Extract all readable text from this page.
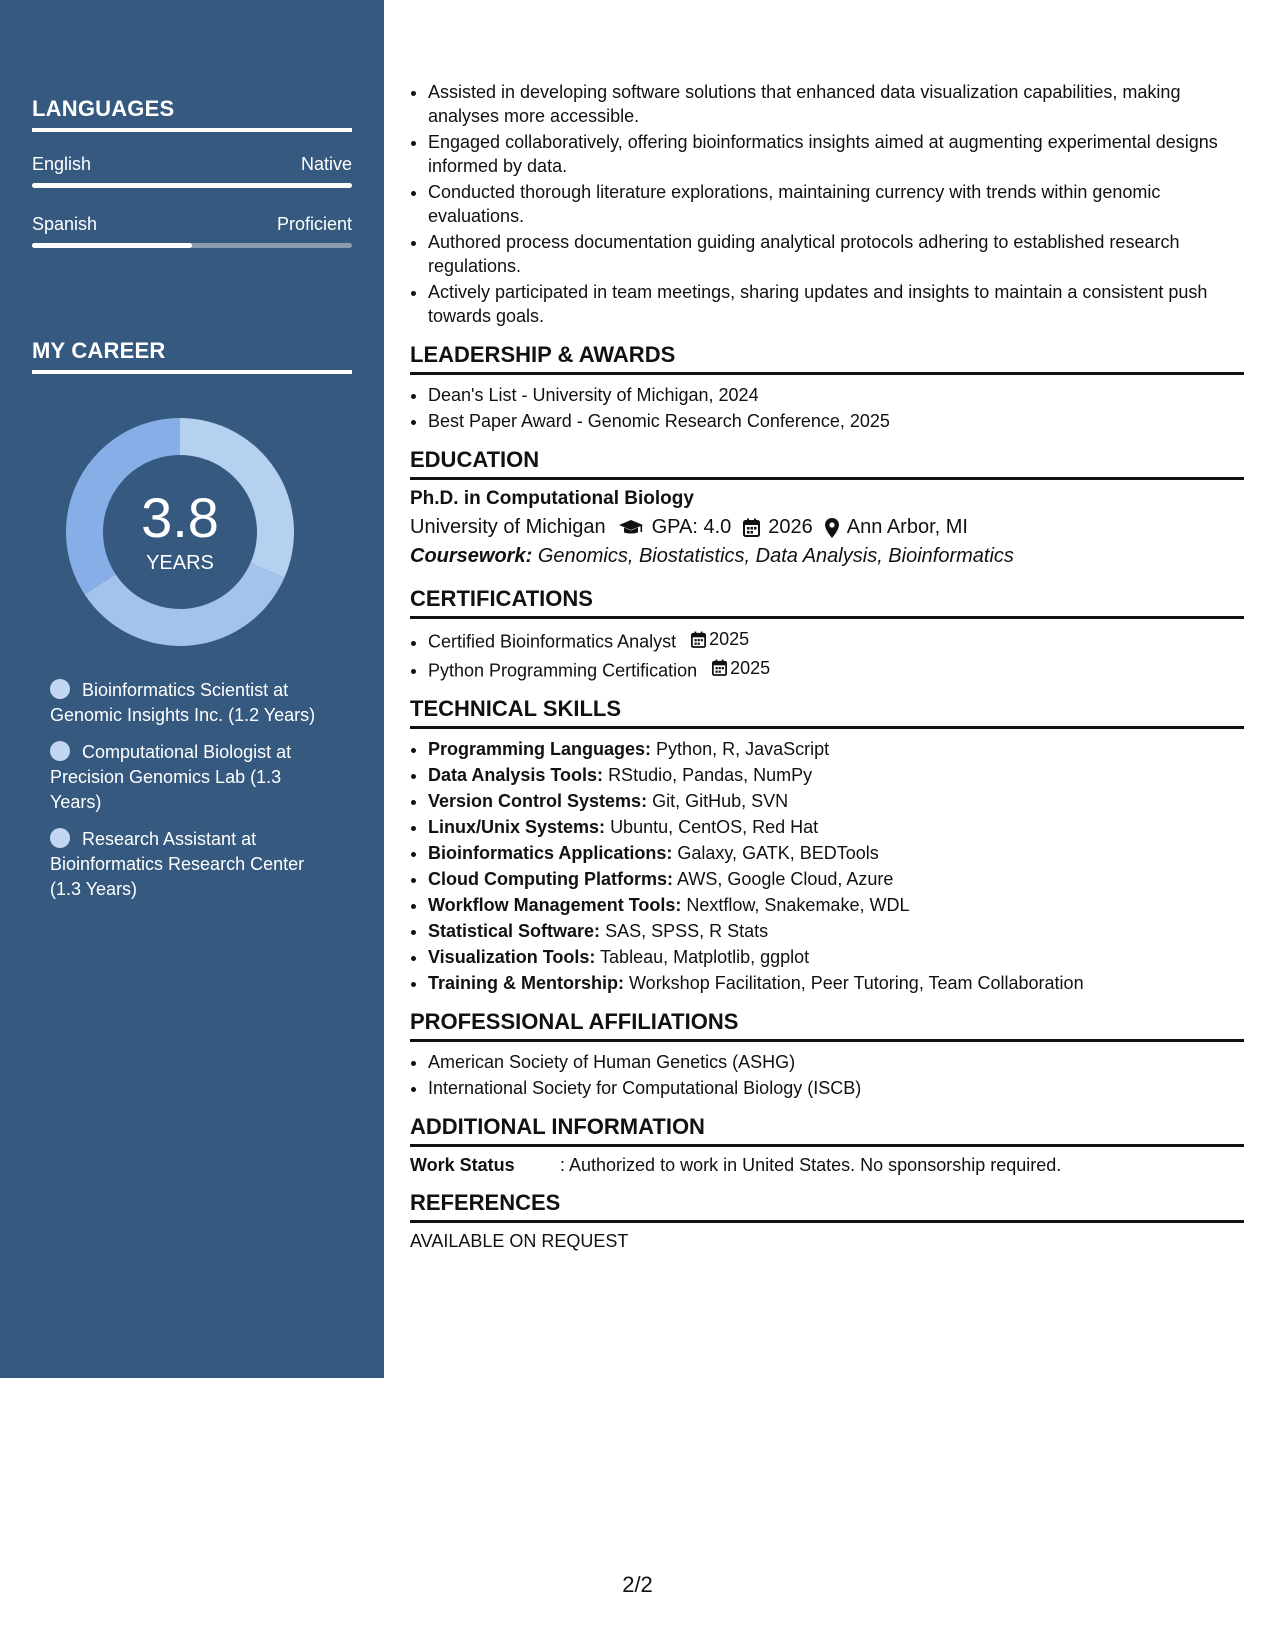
LANGUAGES
English	Native
Spanish	Proficient
MY CAREER
3.8
YEARS
Bioinformatics Scientist at Genomic Insights Inc. (1.2 Years)
Computational Biologist at Precision Genomics Lab (1.3 Years)
Research Assistant at Bioinformatics Research Center (1.3 Years)
• Assisted in developing software solutions that enhanced data visualization capabilities, making analyses more accessible.
• Engaged collaboratively, offering bioinformatics insights aimed at augmenting experimental designs informed by data.
• Conducted thorough literature explorations, maintaining currency with trends within genomic evaluations.
• Authored process documentation guiding analytical protocols adhering to established research regulations.
• Actively participated in team meetings, sharing updates and insights to maintain a consistent push towards goals.
LEADERSHIP & AWARDS
• Dean's List - University of Michigan, 2024
• Best Paper Award - Genomic Research Conference, 2025
EDUCATION
Ph.D. in Computational Biology
University of Michigan GPA: 4.0 2026 Ann Arbor, MI
Coursework: Genomics, Biostatistics, Data Analysis, Bioinformatics
CERTIFICATIONS
• Certified Bioinformatics Analyst 2025
• Python Programming Certification 2025
TECHNICAL SKILLS
• Programming Languages: Python, R, JavaScript
• Data Analysis Tools: RStudio, Pandas, NumPy
• Version Control Systems: Git, GitHub, SVN
• Linux/Unix Systems: Ubuntu, CentOS, Red Hat
• Bioinformatics Applications: Galaxy, GATK, BEDTools
• Cloud Computing Platforms: AWS, Google Cloud, Azure
• Workflow Management Tools: Nextflow, Snakemake, WDL
• Statistical Software: SAS, SPSS, R Stats
• Visualization Tools: Tableau, Matplotlib, ggplot
• Training & Mentorship: Workshop Facilitation, Peer Tutoring, Team Collaboration
PROFESSIONAL AFFILIATIONS
• American Society of Human Genetics (ASHG)
• International Society for Computational Biology (ISCB)
ADDITIONAL INFORMATION
Work Status	: Authorized to work in United States. No sponsorship required.
REFERENCES
AVAILABLE ON REQUEST
2/2
